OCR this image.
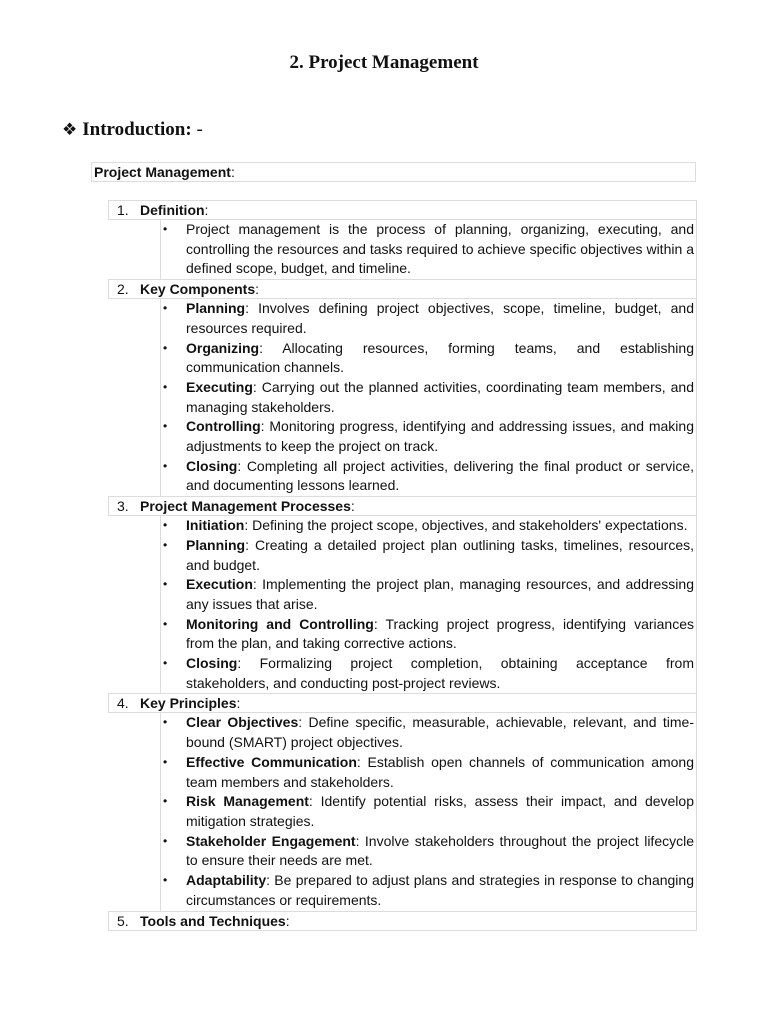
2. Project Management
❖ Introduction: -
Project Management:
1. Definition:
• Project management is the process of planning, organizing, executing, and controlling the resources and tasks required to achieve specific objectives within a defined scope, budget, and timeline.
2. Key Components:
• Planning: Involves defining project objectives, scope, timeline, budget, and resources required.
• Organizing: Allocating resources, forming teams, and establishing communication channels.
• Executing: Carrying out the planned activities, coordinating team members, and managing stakeholders.
• Controlling: Monitoring progress, identifying and addressing issues, and making adjustments to keep the project on track.
• Closing: Completing all project activities, delivering the final product or service, and documenting lessons learned.
3. Project Management Processes:
• Initiation: Defining the project scope, objectives, and stakeholders' expectations.
• Planning: Creating a detailed project plan outlining tasks, timelines, resources, and budget.
• Execution: Implementing the project plan, managing resources, and addressing any issues that arise.
• Monitoring and Controlling: Tracking project progress, identifying variances from the plan, and taking corrective actions.
• Closing: Formalizing project completion, obtaining acceptance from stakeholders, and conducting post-project reviews.
4. Key Principles:
• Clear Objectives: Define specific, measurable, achievable, relevant, and time-bound (SMART) project objectives.
• Effective Communication: Establish open channels of communication among team members and stakeholders.
• Risk Management: Identify potential risks, assess their impact, and develop mitigation strategies.
• Stakeholder Engagement: Involve stakeholders throughout the project lifecycle to ensure their needs are met.
• Adaptability: Be prepared to adjust plans and strategies in response to changing circumstances or requirements.
5. Tools and Techniques:
